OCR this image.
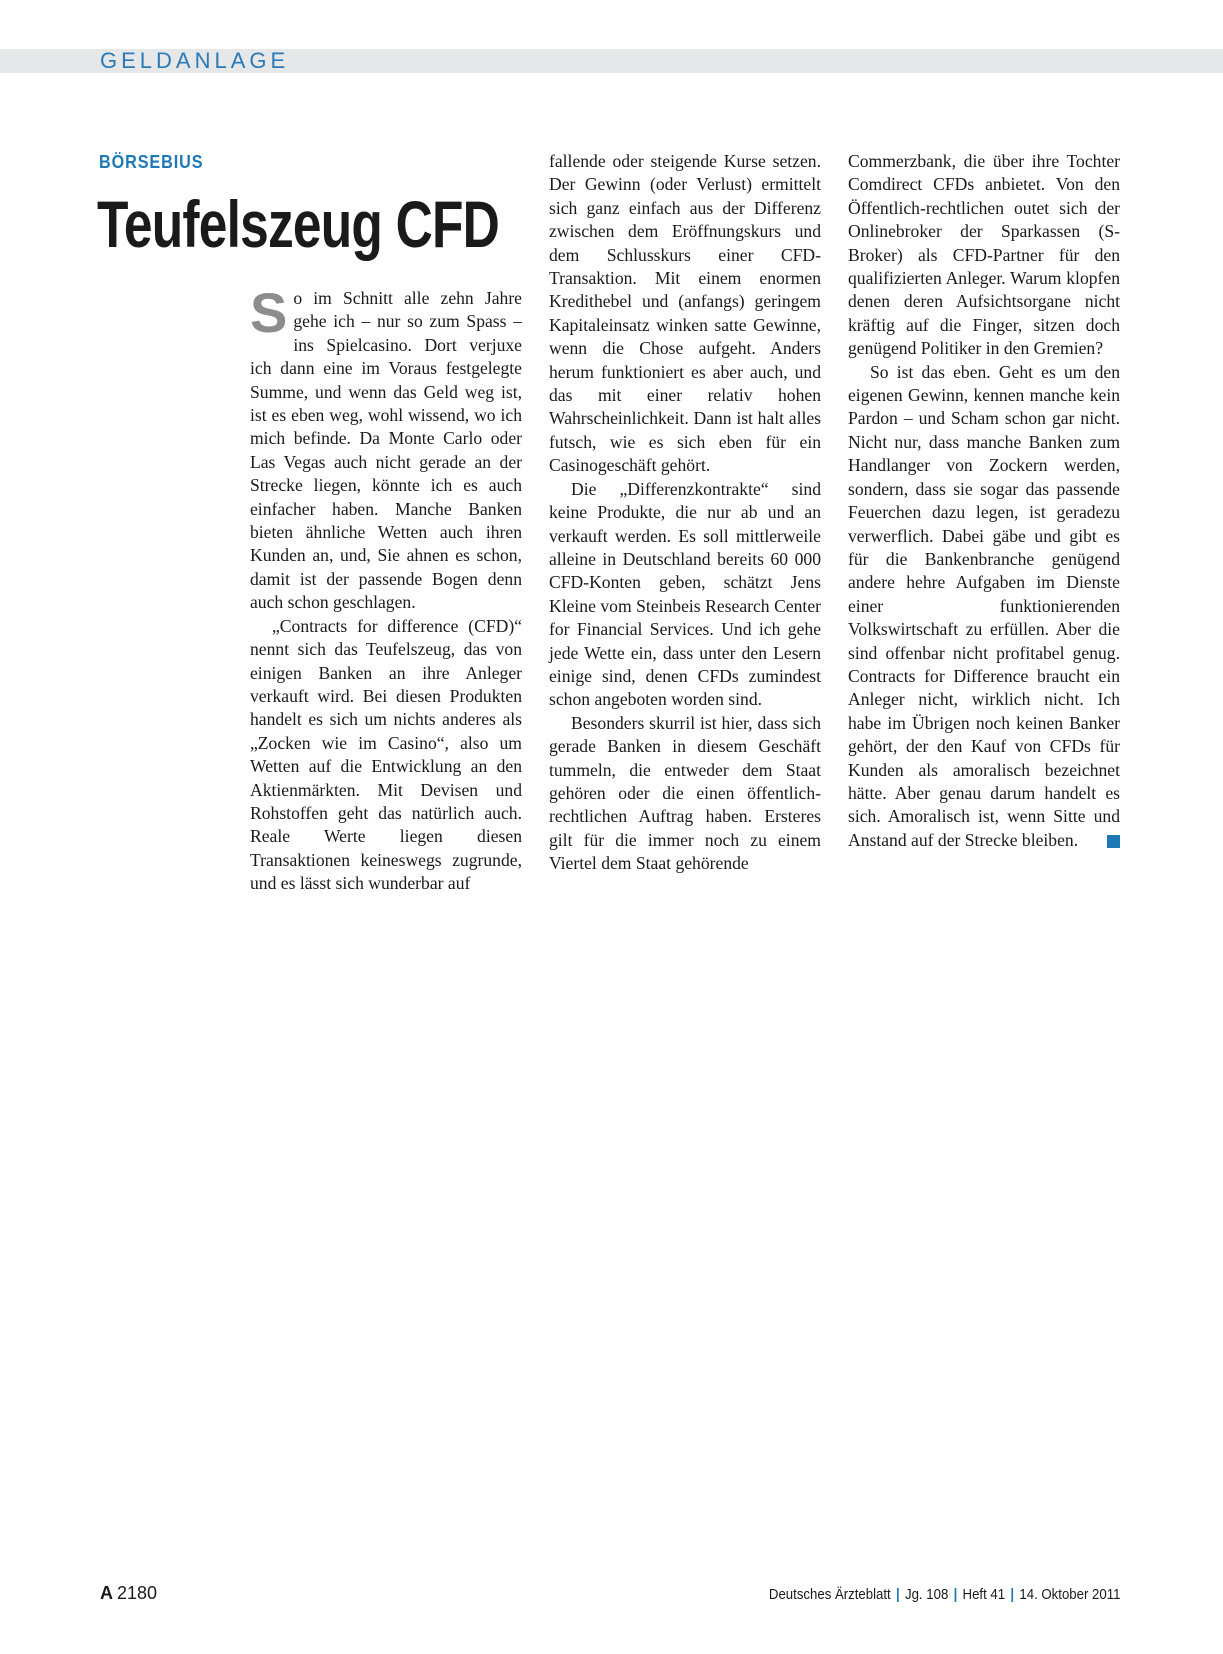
GELDANLAGE
BÖRSEBIUS
Teufelszeug CFD

So im Schnitt alle zehn Jahre gehe ich – nur so zum Spass – ins Spielcasino. Dort verjuxe ich dann eine im Voraus festgelegte Summe, und wenn das Geld weg ist, ist es eben weg, wohl wissend, wo ich mich befinde. Da Monte Carlo oder Las Vegas auch nicht gerade an der Strecke liegen, könnte ich es auch einfacher haben. Manche Banken bieten ähnliche Wetten auch ihren Kunden an, und, Sie ahnen es schon, damit ist der passende Bogen denn auch schon geschlagen.

„Contracts for difference (CFD)“ nennt sich das Teufelszeug, das von einigen Banken an ihre Anleger verkauft wird. Bei diesen Produkten handelt es sich um nichts anderes als „Zocken wie im Casino“, also um Wetten auf die Entwicklung an den Aktienmärkten. Mit Devisen und Rohstoffen geht das natürlich auch. Reale Werte liegen diesen Transaktionen keineswegs zugrunde, und es lässt sich wunderbar auf

fallende oder steigende Kurse setzen. Der Gewinn (oder Verlust) ermittelt sich ganz einfach aus der Differenz zwischen dem Eröffnungskurs und dem Schlusskurs einer CFD-Transaktion. Mit einem enormen Kredithebel und (anfangs) geringem Kapitaleinsatz winken satte Gewinne, wenn die Chose aufgeht. Anders herum funktioniert es aber auch, und das mit einer relativ hohen Wahrscheinlichkeit. Dann ist halt alles futsch, wie es sich eben für ein Casinogeschäft gehört.

Die „Differenzkontrakte“ sind keine Produkte, die nur ab und an verkauft werden. Es soll mittlerweile alleine in Deutschland bereits 60 000 CFD-Konten geben, schätzt Jens Kleine vom Steinbeis Research Center for Financial Services. Und ich gehe jede Wette ein, dass unter den Lesern einige sind, denen CFDs zumindest schon angeboten worden sind.

Besonders skurril ist hier, dass sich gerade Banken in diesem Geschäft tummeln, die entweder dem Staat gehören oder die einen öffentlich-rechtlichen Auftrag haben. Ersteres gilt für die immer noch zu einem Viertel dem Staat gehörende

Commerzbank, die über ihre Tochter Comdirect CFDs anbietet. Von den Öffentlich-rechtlichen outet sich der Onlinebroker der Sparkassen (S-Broker) als CFD-Partner für den qualifizierten Anleger. Warum klopfen denen deren Aufsichtsorgane nicht kräftig auf die Finger, sitzen doch genügend Politiker in den Gremien?

So ist das eben. Geht es um den eigenen Gewinn, kennen manche kein Pardon – und Scham schon gar nicht. Nicht nur, dass manche Banken zum Handlanger von Zockern werden, sondern, dass sie sogar das passende Feuerchen dazu legen, ist geradezu verwerflich. Dabei gäbe und gibt es für die Bankenbranche genügend andere hehre Aufgaben im Dienste einer funktionierenden Volkswirtschaft zu erfüllen. Aber die sind offenbar nicht profitabel genug. Contracts for Difference braucht ein Anleger nicht, wirklich nicht. Ich habe im Übrigen noch keinen Banker gehört, der den Kauf von CFDs für Kunden als amoralisch bezeichnet hätte. Aber genau darum handelt es sich. Amoralisch ist, wenn Sitte und Anstand auf der Strecke bleiben.

A 2180	Deutsches Ärzteblatt | Jg. 108 | Heft 41 | 14. Oktober 2011
